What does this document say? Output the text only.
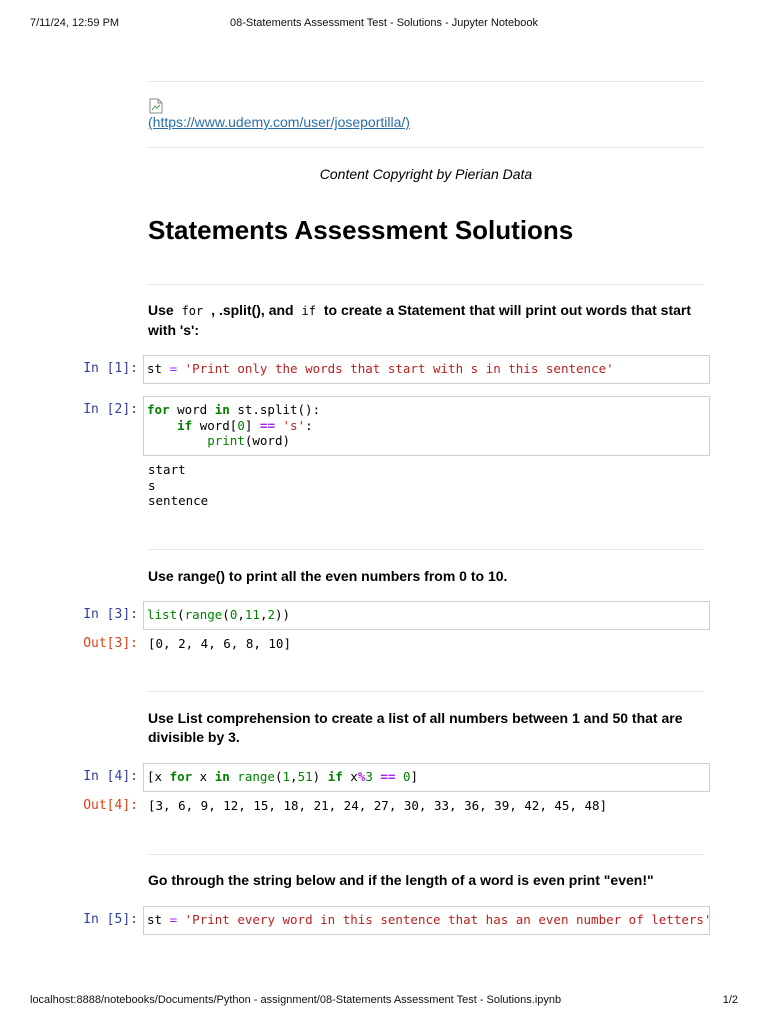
7/11/24, 12:59 PM	08-Statements Assessment Test - Solutions - Jupyter Notebook
(https://www.udemy.com/user/joseportilla/)
Content Copyright by Pierian Data
Statements Assessment Solutions
Use for , .split(), and if to create a Statement that will print out words that start with 's':
In [1]: st = 'Print only the words that start with s in this sentence'
In [2]: for word in st.split():
if word[0] == 's':
print(word)
start
s
sentence
Use range() to print all the even numbers from 0 to 10.
In [3]: list(range(0,11,2))
Out[3]: [0, 2, 4, 6, 8, 10]
Use List comprehension to create a list of all numbers between 1 and 50 that are divisible by 3.
In [4]: [x for x in range(1,51) if x%3 == 0]
Out[4]: [3, 6, 9, 12, 15, 18, 21, 24, 27, 30, 33, 36, 39, 42, 45, 48]
Go through the string below and if the length of a word is even print "even!"
In [5]: st = 'Print every word in this sentence that has an even number of letters'
localhost:8888/notebooks/Documents/Python - assignment/08-Statements Assessment Test - Solutions.ipynb	1/2
